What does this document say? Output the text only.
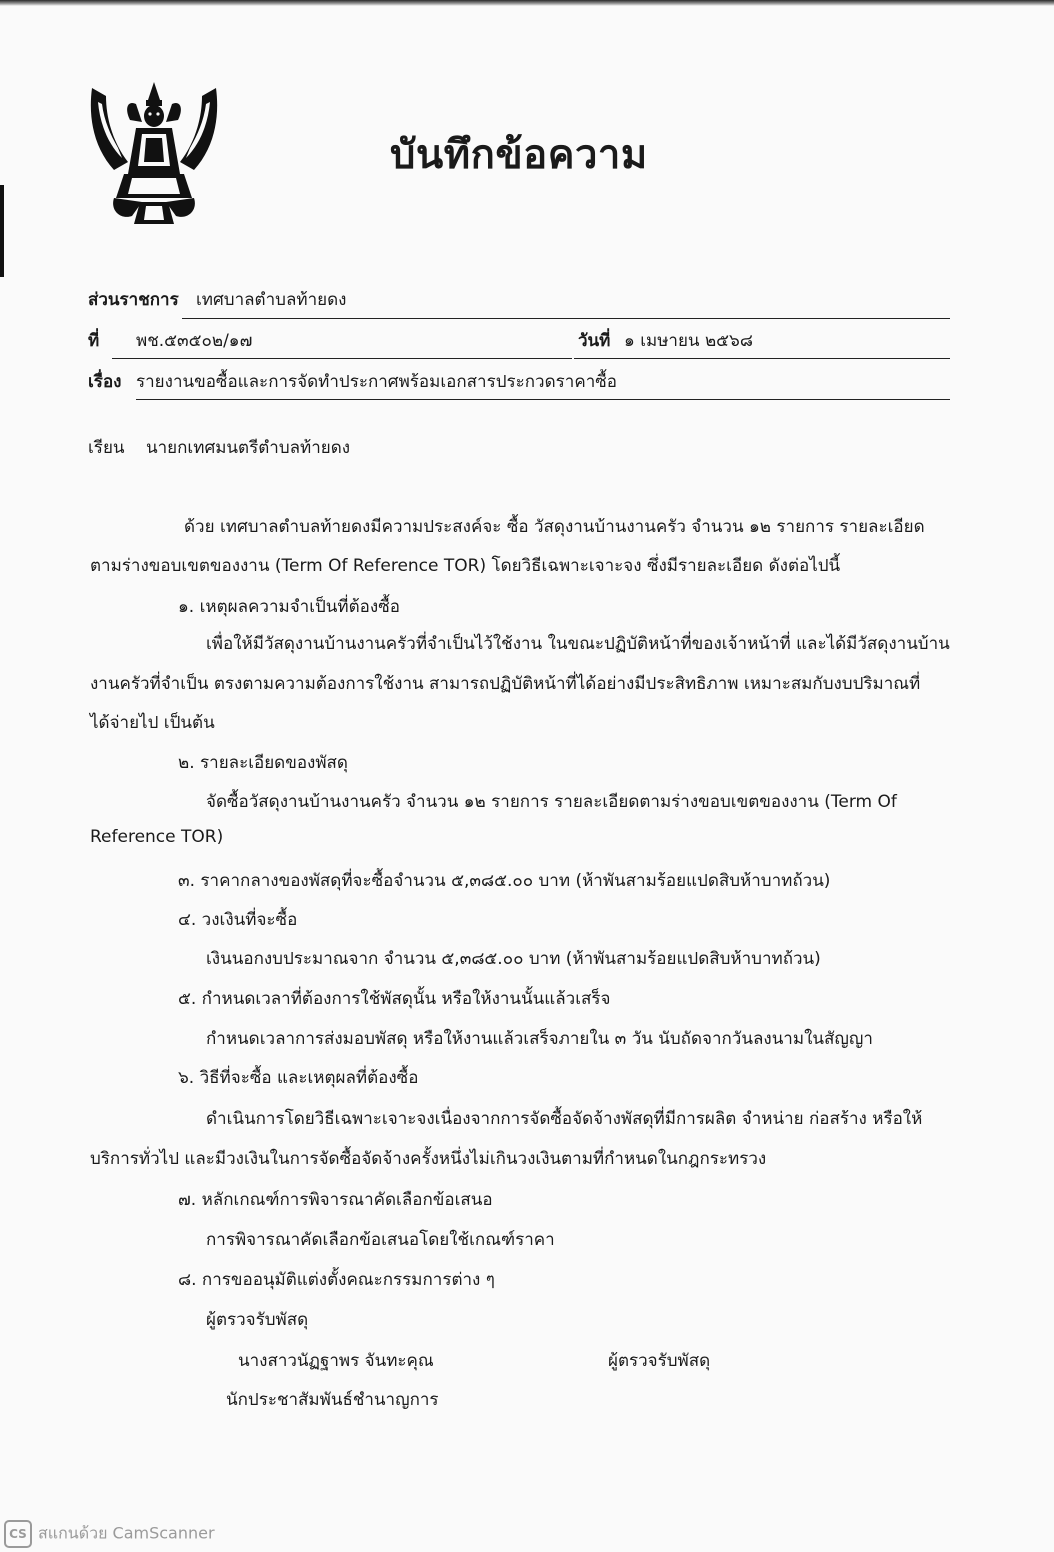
บันทึกข้อความ
ส่วนราชการ เทศบาลตำบลท้ายดง
ที่ พช.๕๓๕๐๒/๑๗	วันที่ ๑ เมษายน ๒๕๖๘
เรื่อง รายงานขอซื้อและการจัดทำประกาศพร้อมเอกสารประกวดราคาซื้อ
เรียน นายกเทศมนตรีตำบลท้ายดง
ด้วย เทศบาลตำบลท้ายดงมีความประสงค์จะ ซื้อ วัสดุงานบ้านงานครัว จำนวน ๑๒ รายการ รายละเอียด
ตามร่างขอบเขตของงาน (Term Of Reference TOR) โดยวิธีเฉพาะเจาะจง ซึ่งมีรายละเอียด ดังต่อไปนี้
๑. เหตุผลความจำเป็นที่ต้องซื้อ
เพื่อให้มีวัสดุงานบ้านงานครัวที่จำเป็นไว้ใช้งาน ในขณะปฏิบัติหน้าที่ของเจ้าหน้าที่ และได้มีวัสดุงานบ้าน
งานครัวที่จำเป็น ตรงตามความต้องการใช้งาน สามารถปฏิบัติหน้าที่ได้อย่างมีประสิทธิภาพ เหมาะสมกับงบปริมาณที่
ได้จ่ายไป เป็นต้น
๒. รายละเอียดของพัสดุ
จัดซื้อวัสดุงานบ้านงานครัว จำนวน ๑๒ รายการ รายละเอียดตามร่างขอบเขตของงาน (Term Of
Reference TOR)
๓. ราคากลางของพัสดุที่จะซื้อจำนวน ๕,๓๘๕.๐๐ บาท (ห้าพันสามร้อยแปดสิบห้าบาทถ้วน)
๔. วงเงินที่จะซื้อ
เงินนอกงบประมาณจาก จำนวน ๕,๓๘๕.๐๐ บาท (ห้าพันสามร้อยแปดสิบห้าบาทถ้วน)
๕. กำหนดเวลาที่ต้องการใช้พัสดุนั้น หรือให้งานนั้นแล้วเสร็จ
กำหนดเวลาการส่งมอบพัสดุ หรือให้งานแล้วเสร็จภายใน ๓ วัน นับถัดจากวันลงนามในสัญญา
๖. วิธีที่จะซื้อ และเหตุผลที่ต้องซื้อ
ดำเนินการโดยวิธีเฉพาะเจาะจงเนื่องจากการจัดซื้อจัดจ้างพัสดุที่มีการผลิต จำหน่าย ก่อสร้าง หรือให้
บริการทั่วไป และมีวงเงินในการจัดซื้อจัดจ้างครั้งหนึ่งไม่เกินวงเงินตามที่กำหนดในกฎกระทรวง
๗. หลักเกณฑ์การพิจารณาคัดเลือกข้อเสนอ
การพิจารณาคัดเลือกข้อเสนอโดยใช้เกณฑ์ราคา
๘. การขออนุมัติแต่งตั้งคณะกรรมการต่าง ๆ
ผู้ตรวจรับพัสดุ
นางสาวนัฏฐาพร จันทะคุณ	ผู้ตรวจรับพัสดุ
นักประชาสัมพันธ์ชำนาญการ
CS สแกนด้วย CamScanner
